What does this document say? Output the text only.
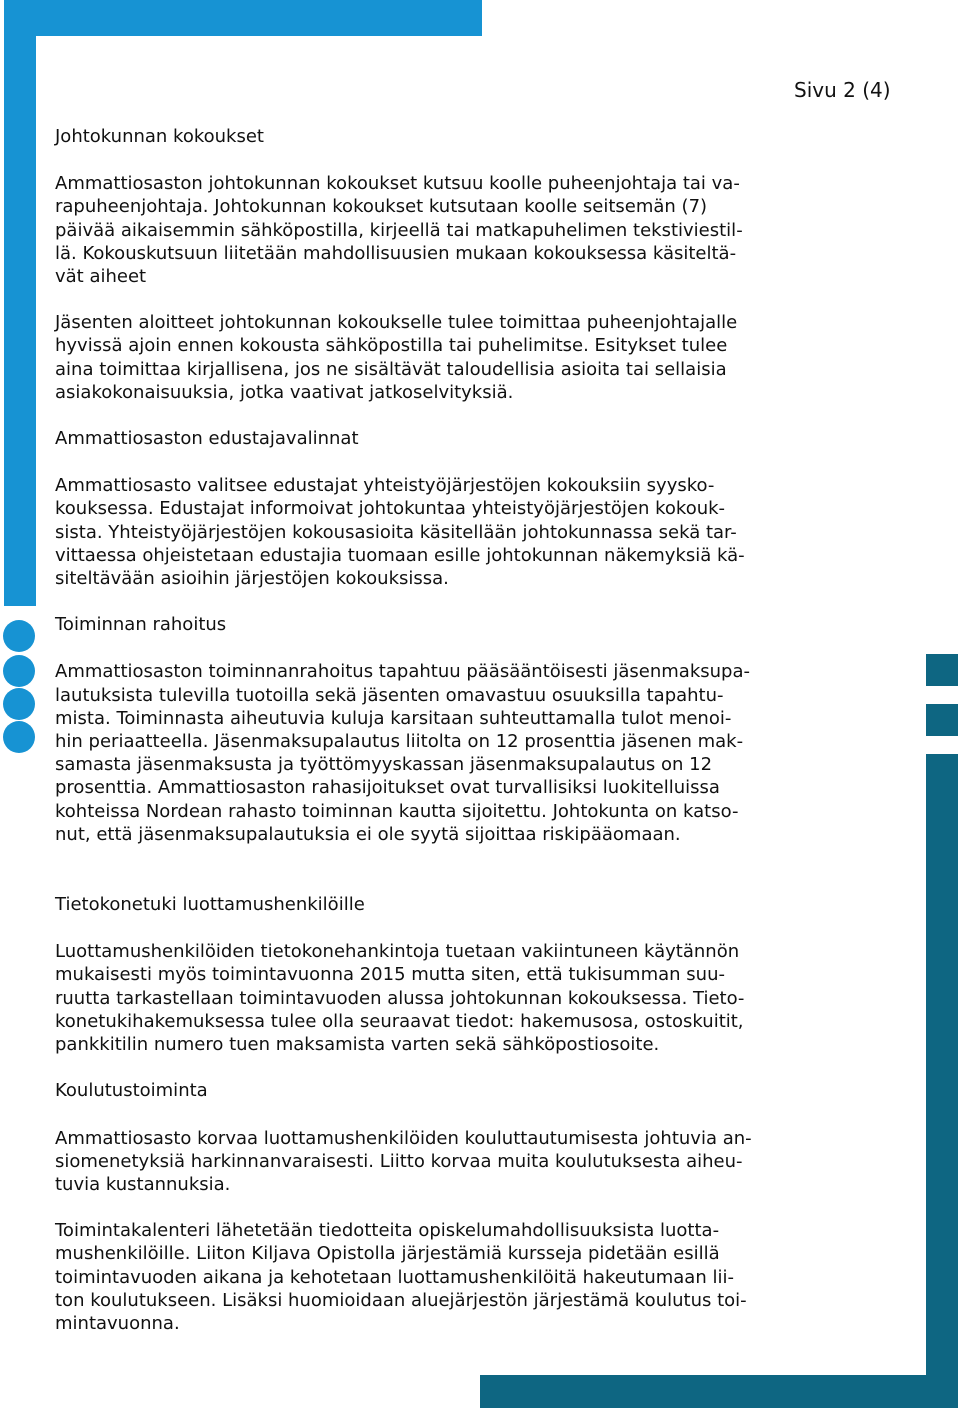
Sivu 2 (4)
Johtokunnan kokoukset

Ammattiosaston johtokunnan kokoukset kutsuu koolle puheenjohtaja tai va-
rapuheenjohtaja. Johtokunnan kokoukset kutsutaan koolle seitsemän (7)
päivää aikaisemmin sähköpostilla, kirjeellä tai matkapuhelimen tekstiviestil-
lä. Kokouskutsuun liitetään mahdollisuusien mukaan kokouksessa käsiteltä-
vät aiheet

Jäsenten aloitteet johtokunnan kokoukselle tulee toimittaa puheenjohtajalle
hyvissä ajoin ennen kokousta sähköpostilla tai puhelimitse. Esitykset tulee
aina toimittaa kirjallisena, jos ne sisältävät taloudellisia asioita tai sellaisia
asiakokonaisuuksia, jotka vaativat jatkoselvityksiä.

Ammattiosaston edustajavalinnat

Ammattiosasto valitsee edustajat yhteistyöjärjestöjen kokouksiin syysko-
kouksessa. Edustajat informoivat johtokuntaa yhteistyöjärjestöjen kokouk-
sista. Yhteistyöjärjestöjen kokousasioita käsitellään johtokunnassa sekä tar-
vittaessa ohjeistetaan edustajia tuomaan esille johtokunnan näkemyksiä kä-
siteltävään asioihin järjestöjen kokouksissa.

Toiminnan rahoitus

Ammattiosaston toiminnanrahoitus tapahtuu pääsääntöisesti jäsenmaksupa-
lautuksista tulevilla tuotoilla sekä jäsenten omavastuu osuuksilla tapahtu-
mista. Toiminnasta aiheutuvia kuluja karsitaan suhteuttamalla tulot menoi-
hin periaatteella. Jäsenmaksupalautus liitolta on 12 prosenttia jäsenen mak-
samasta jäsenmaksusta ja työttömyyskassan jäsenmaksupalautus on 12
prosenttia. Ammattiosaston rahasijoitukset ovat turvallisiksi luokitelluissa
kohteissa Nordean rahasto toiminnan kautta sijoitettu. Johtokunta on katso-
nut, että jäsenmaksupalautuksia ei ole syytä sijoittaa riskipääomaan.

Tietokonetuki luottamushenkilöille

Luottamushenkilöiden tietokonehankintoja tuetaan vakiintuneen käytännön
mukaisesti myös toimintavuonna 2015 mutta siten, että tukisumman suu-
ruutta tarkastellaan toimintavuoden alussa johtokunnan kokouksessa. Tieto-
konetukihakemuksessa tulee olla seuraavat tiedot: hakemusosa, ostoskuitit,
pankkitilin numero tuen maksamista varten sekä sähköpostiosoite.

Koulutustoiminta

Ammattiosasto korvaa luottamushenkilöiden kouluttautumisesta johtuvia an-
siomenetyksiä harkinnanvaraisesti. Liitto korvaa muita koulutuksesta aiheu-
tuvia kustannuksia.

Toimintakalenteri lähetetään tiedotteita opiskelumahdollisuuksista luotta-
mushenkilöille. Liiton Kiljava Opistolla järjestämiä kursseja pidetään esillä
toimintavuoden aikana ja kehotetaan luottamushenkilöitä hakeutumaan lii-
ton koulutukseen. Lisäksi huomioidaan aluejärjestön järjestämä koulutus toi-
mintavuonna.
